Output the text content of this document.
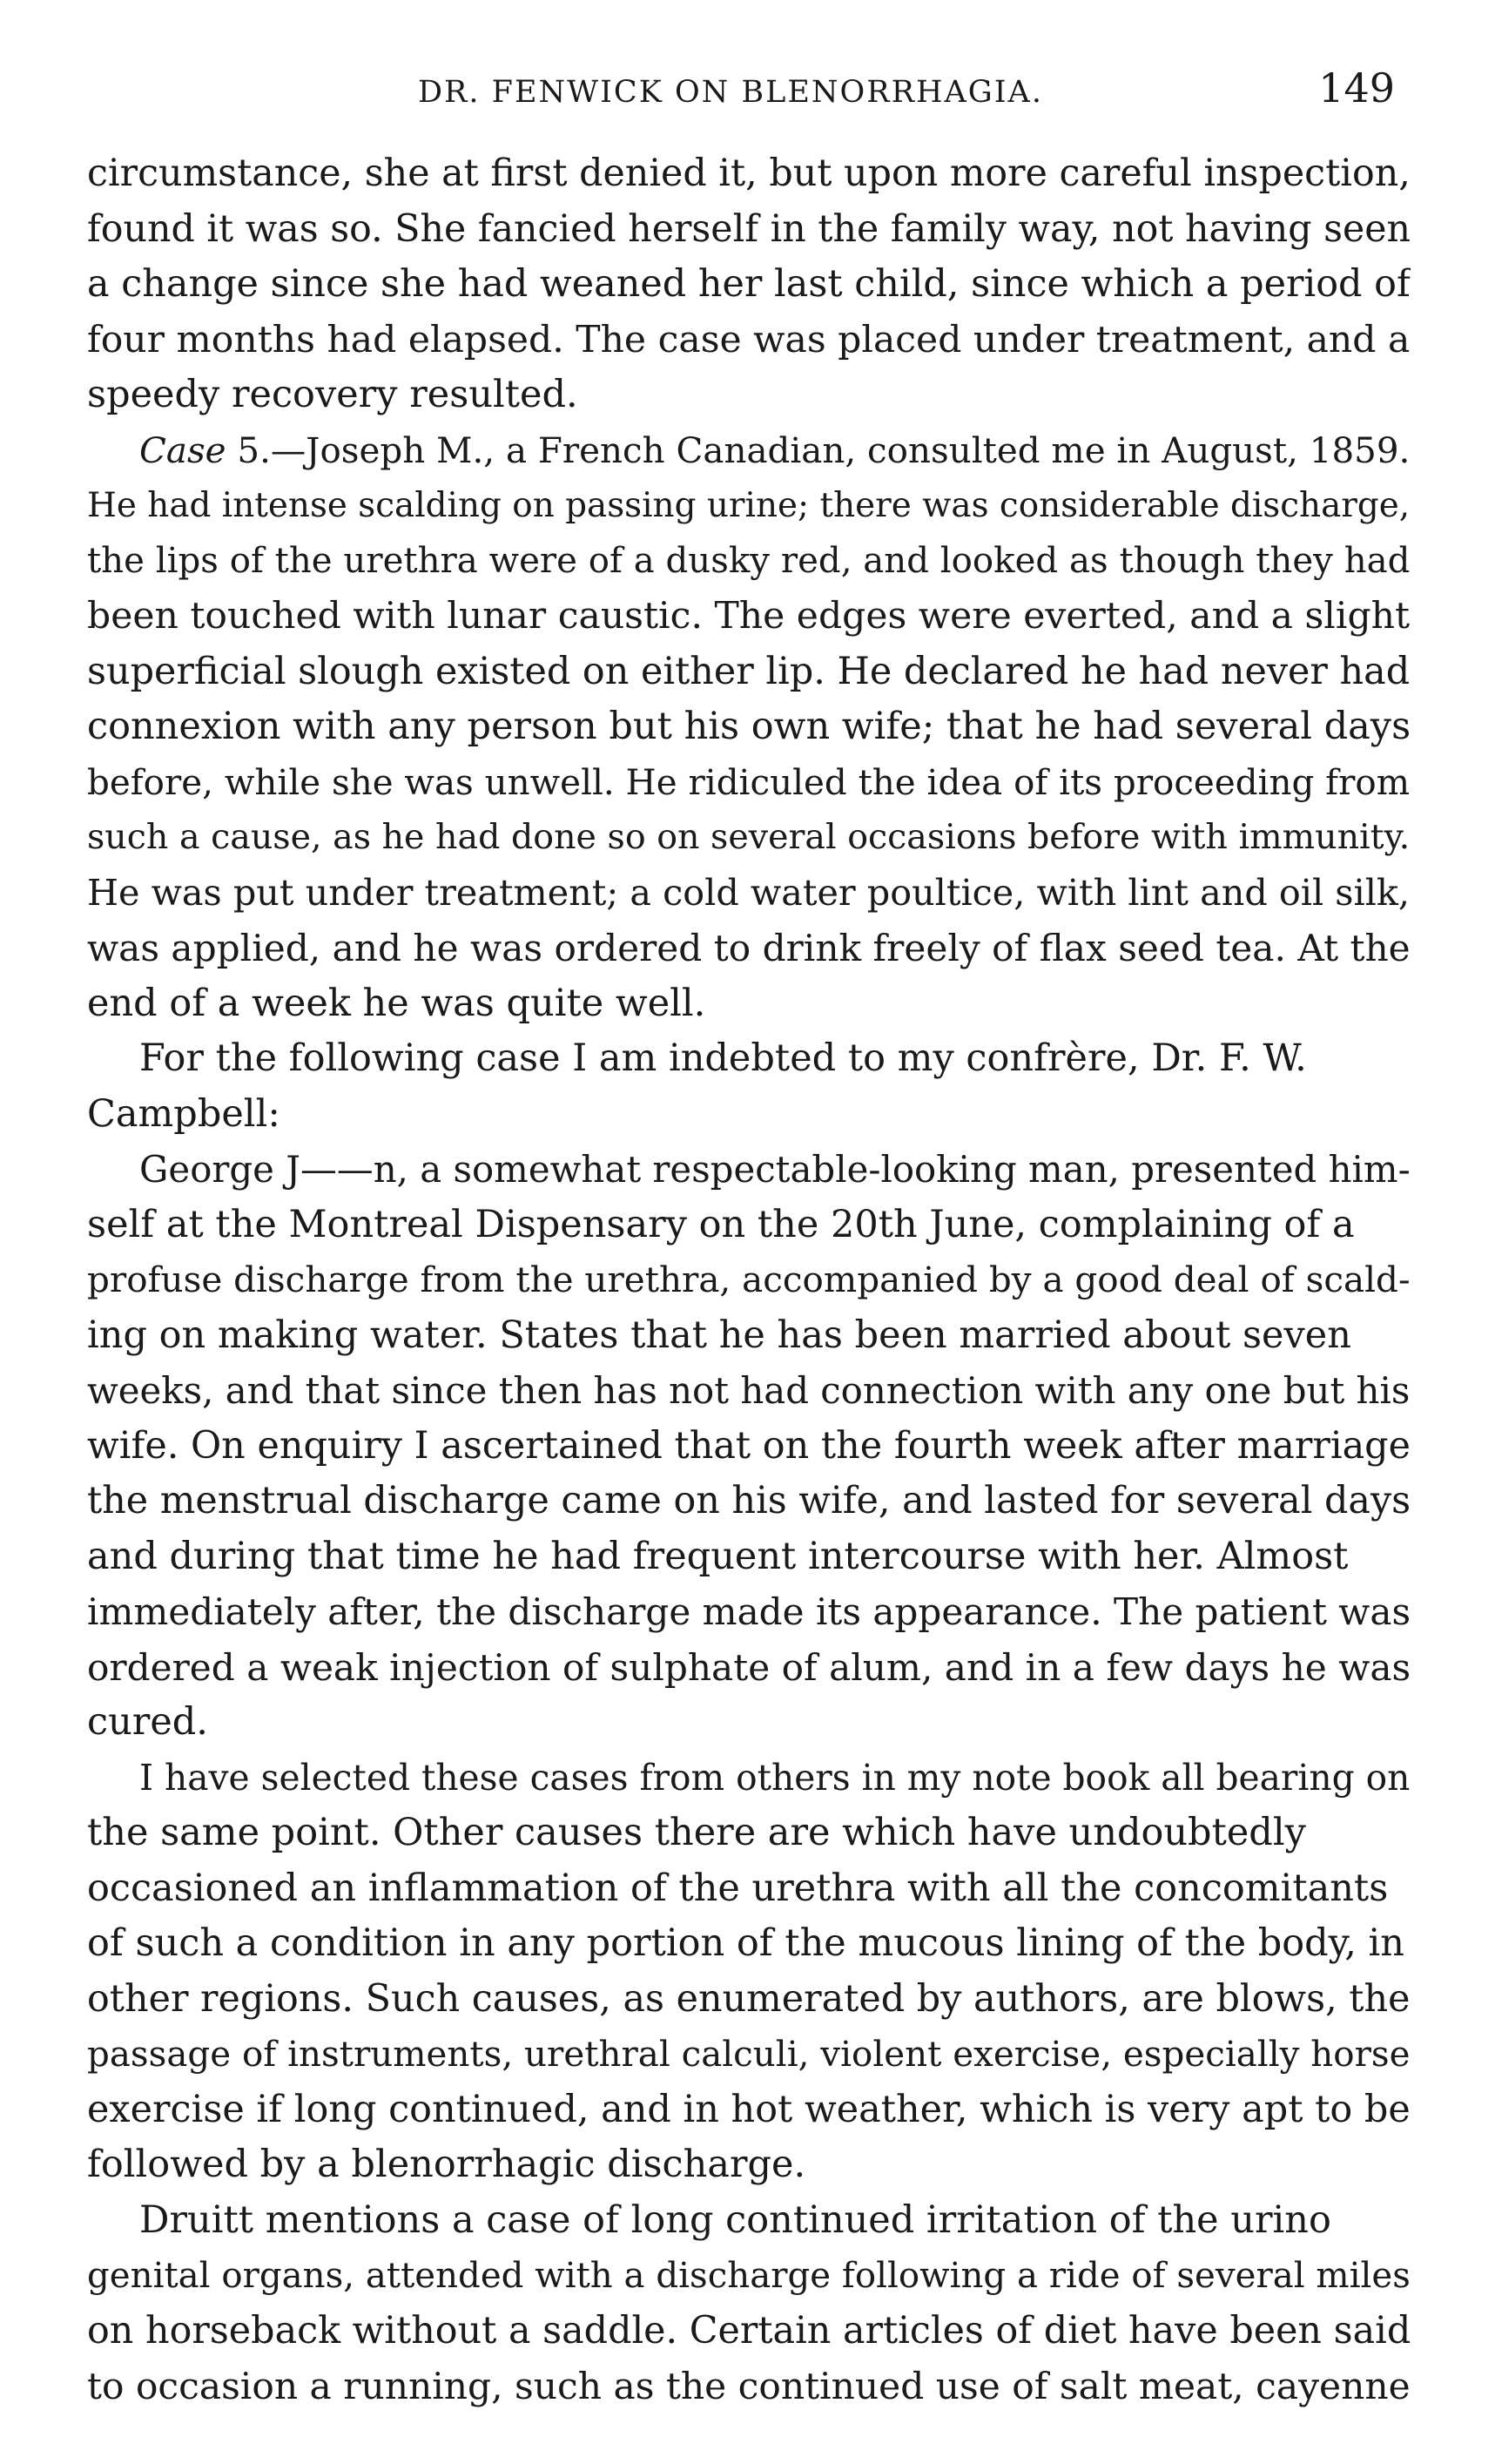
DR. FENWICK ON BLENORRHAGIA.	149
circumstance, she at first denied it, but upon more careful inspection,
found it was so. She fancied herself in the family way, not having seen
a change since she had weaned her last child, since which a period of
four months had elapsed. The case was placed under treatment, and a
speedy recovery resulted.
Case 5.—Joseph M., a French Canadian, consulted me in August, 1859.
He had intense scalding on passing urine; there was considerable discharge,
the lips of the urethra were of a dusky red, and looked as though they had
been touched with lunar caustic. The edges were everted, and a slight
superficial slough existed on either lip. He declared he had never had
connexion with any person but his own wife; that he had several days
before, while she was unwell. He ridiculed the idea of its proceeding from
such a cause, as he had done so on several occasions before with immunity.
He was put under treatment; a cold water poultice, with lint and oil silk,
was applied, and he was ordered to drink freely of flax seed tea. At the
end of a week he was quite well.
For the following case I am indebted to my confrère, Dr. F. W.
Campbell:
George J——n, a somewhat respectable-looking man, presented him-
self at the Montreal Dispensary on the 20th June, complaining of a
profuse discharge from the urethra, accompanied by a good deal of scald-
ing on making water. States that he has been married about seven
weeks, and that since then has not had connection with any one but his
wife. On enquiry I ascertained that on the fourth week after marriage
the menstrual discharge came on his wife, and lasted for several days
and during that time he had frequent intercourse with her. Almost
immediately after, the discharge made its appearance. The patient was
ordered a weak injection of sulphate of alum, and in a few days he was
cured.
I have selected these cases from others in my note book all bearing on
the same point. Other causes there are which have undoubtedly
occasioned an inflammation of the urethra with all the concomitants
of such a condition in any portion of the mucous lining of the body, in
other regions. Such causes, as enumerated by authors, are blows, the
passage of instruments, urethral calculi, violent exercise, especially horse
exercise if long continued, and in hot weather, which is very apt to be
followed by a blenorrhagic discharge.
Druitt mentions a case of long continued irritation of the urino
genital organs, attended with a discharge following a ride of several miles
on horseback without a saddle. Certain articles of diet have been said
to occasion a running, such as the continued use of salt meat, cayenne
